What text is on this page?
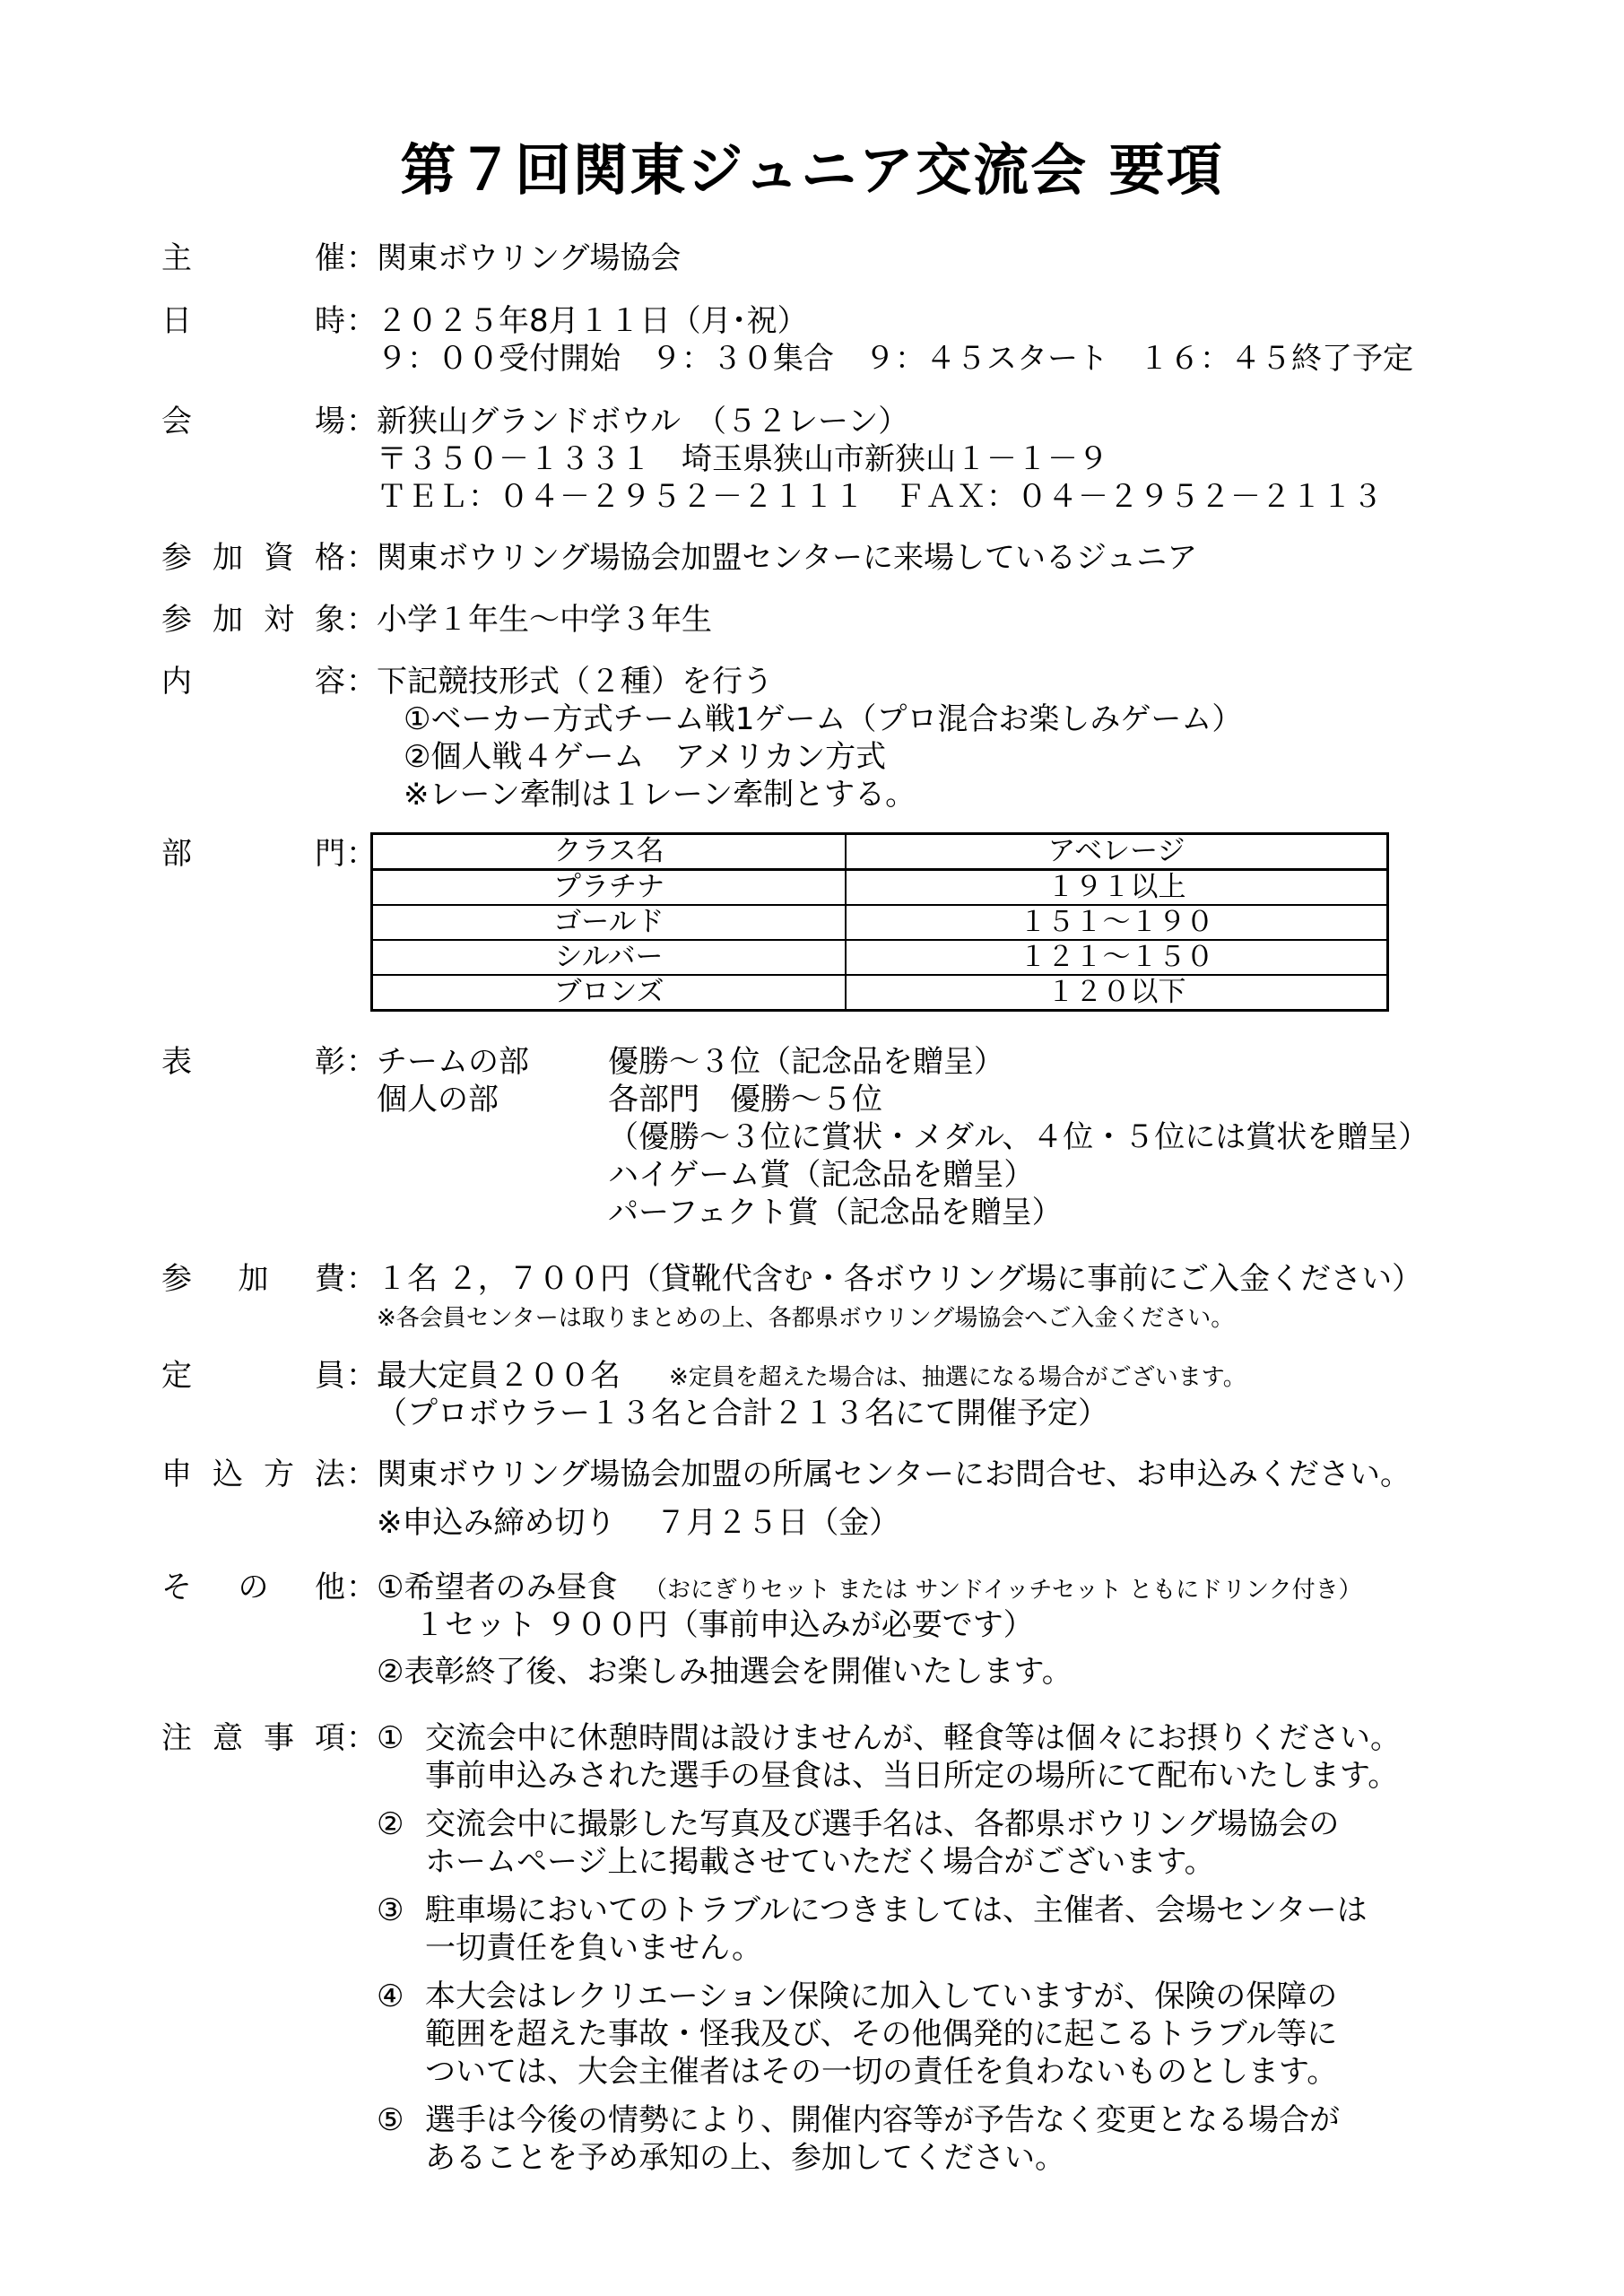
第７回関東ジュニア交流会 要項
主	催 ： 関東ボウリング場協会
日	時 ： ２０２５年8月１１日（月･祝）
９：００受付開始　９：３０集合　９：４５スタート　１６：４５終了予定
会	場 ： 新狭山グランドボウル　（５２レーン）
〒３５０－１３３１　埼玉県狭山市新狭山１－１－９
ＴＥＬ：０４－２９５２－２１１１　ＦＡＸ：０４－２９５２－２１１３
参 加 資 格 ： 関東ボウリング場協会加盟センターに来場しているジュニア
参 加 対 象 ： 小学１年生～中学３年生
内	容 ： 下記競技形式（２種）を行う
①ベーカー方式チーム戦1ゲーム（プロ混合お楽しみゲーム）
②個人戦４ゲーム　アメリカン方式
※レーン牽制は１レーン牽制とする。
部	門 ：	クラス名	アベレージ
プラチナ	１９１以上
ゴールド	１５１～１９０
シルバー	１２１～１５０
ブロンズ	１２０以下
表	彰 ： チームの部	優勝～３位（記念品を贈呈）
個人の部	各部門　優勝～５位
（優勝～３位に賞状・メダル、４位・５位には賞状を贈呈）
ハイゲーム賞（記念品を贈呈）
パーフェクト賞（記念品を贈呈）
参 加 費 ： １名 ２，７００円（貸靴代含む・各ボウリング場に事前にご入金ください）
※各会員センターは取りまとめの上、各都県ボウリング場協会へご入金ください。
定	員 ： 最大定員２００名 ※定員を超えた場合は、抽選になる場合がございます。
（プロボウラー１３名と合計２１３名にて開催予定）
申 込 方 法 ： 関東ボウリング場協会加盟の所属センターにお問合せ、お申込みください。
※申込み締め切り　 ７月２５日（金）
そ の 他 ： ①希望者のみ昼食 （おにぎりセット または サンドイッチセット ともにドリンク付き）
１セット ９００円（事前申込みが必要です）
②表彰終了後、お楽しみ抽選会を開催いたします。
注 意 事 項 ： ① 交流会中に休憩時間は設けませんが、軽食等は個々にお摂りください。
事前申込みされた選手の昼食は、当日所定の場所にて配布いたします。
② 交流会中に撮影した写真及び選手名は、各都県ボウリング場協会の
ホームページ上に掲載させていただく場合がございます。
③ 駐車場においてのトラブルにつきましては、主催者、会場センターは
一切責任を負いません。
④ 本大会はレクリエーション保険に加入していますが、保険の保障の
範囲を超えた事故・怪我及び、その他偶発的に起こるトラブル等に
ついては、大会主催者はその一切の責任を負わないものとします。
⑤ 選手は今後の情勢により、開催内容等が予告なく変更となる場合が
あることを予め承知の上、参加してください。
